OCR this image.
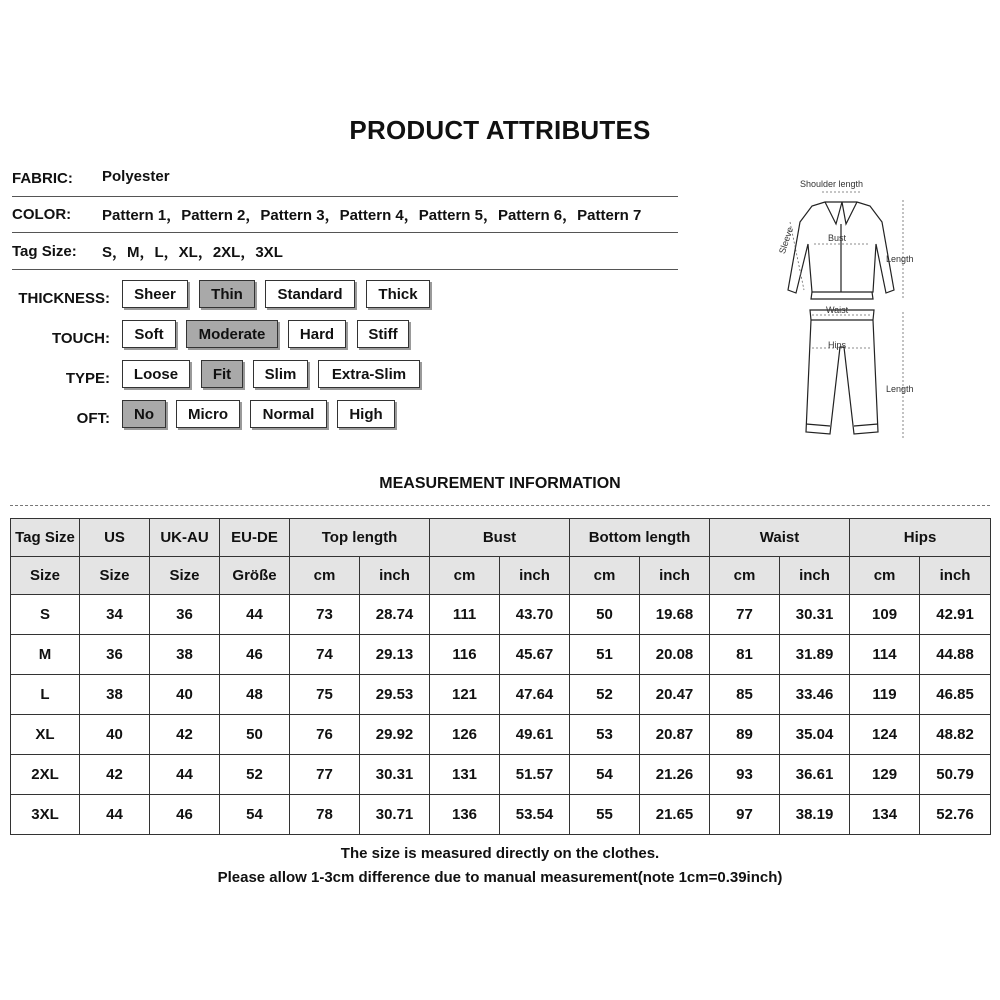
PRODUCT ATTRIBUTES
FABRIC: Polyester
COLOR: Pattern 1，Pattern 2，Pattern 3，Pattern 4，Pattern 5，Pattern 6，Pattern 7
Tag Size: S，M，L，XL，2XL，3XL
THICKNESS:	Sheer	Thin	Standard	Thick
TOUCH:	Soft	Moderate	Hard	Stiff
TYPE:	Loose	Fit	Slim	Extra-Slim
OFT:	No	Micro	Normal	High
Shoulder length
Sleeve	Bust
Length
Waist
Hips
Length
MEASUREMENT INFORMATION
Tag Size	US	UK-AU	EU-DE	Top length		Bust		Bottom length		Waist		Hips	
Size	Size	Size	Größe	cm	inch	cm	inch	cm	inch	cm	inch	cm	inch
S	34	36	44	73	28.74	111	43.70	50	19.68	77	30.31	109	42.91
M	36	38	46	74	29.13	116	45.67	51	20.08	81	31.89	114	44.88
L	38	40	48	75	29.53	121	47.64	52	20.47	85	33.46	119	46.85
XL	40	42	50	76	29.92	126	49.61	53	20.87	89	35.04	124	48.82
2XL	42	44	52	77	30.31	131	51.57	54	21.26	93	36.61	129	50.79
3XL	44	46	54	78	30.71	136	53.54	55	21.65	97	38.19	134	52.76
The size is measured directly on the clothes.
Please allow 1-3cm difference due to manual measurement(note 1cm=0.39inch)
